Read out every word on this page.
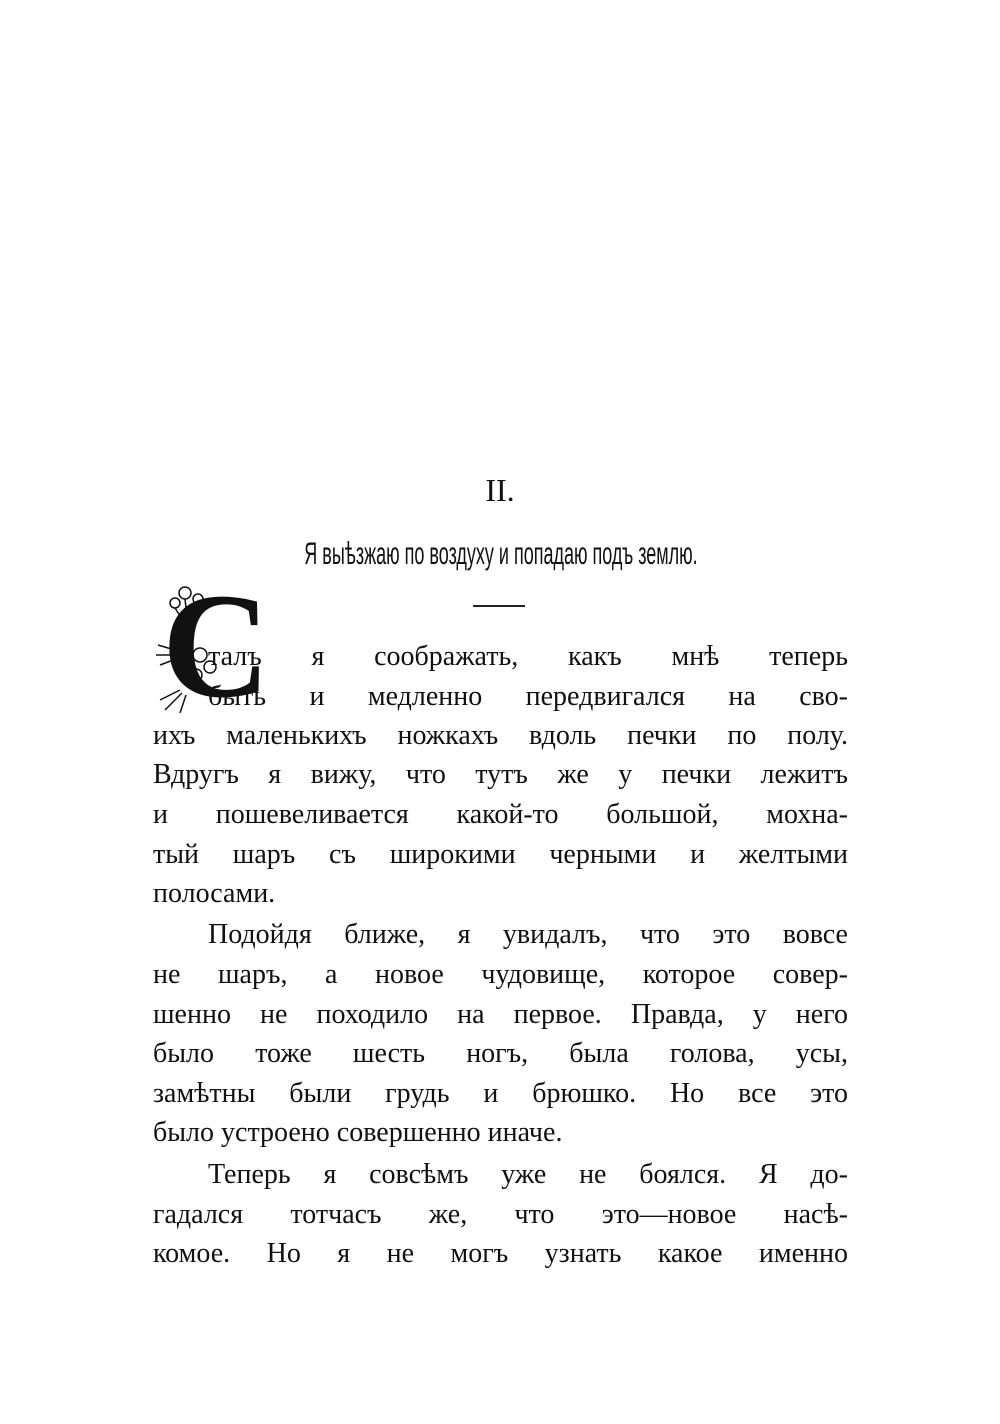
II.
Я выѣзжаю по воздуху и попадаю подъ землю.
С
талъ я соображать, какъ мнѣ теперь
быть и медленно передвигался на сво-
ихъ маленькихъ ножкахъ вдоль печки по полу.
Вдругъ я вижу, что тутъ же у печки лежитъ
и пошевеливается какой-то большой, мохна-
тый шаръ съ широкими черными и желтыми
полосами.
Подойдя ближе, я увидалъ, что это вовсе
не шаръ, а новое чудовище, которое совер-
шенно не походило на первое. Правда, у него
было тоже шесть ногъ, была голова, усы,
замѣтны были грудь и брюшко. Но все это
было устроено совершенно иначе.
Теперь я совсѣмъ уже не боялся. Я до-
гадался тотчасъ же, что это—новое насѣ-
комое. Но я не могъ узнать какое именно
